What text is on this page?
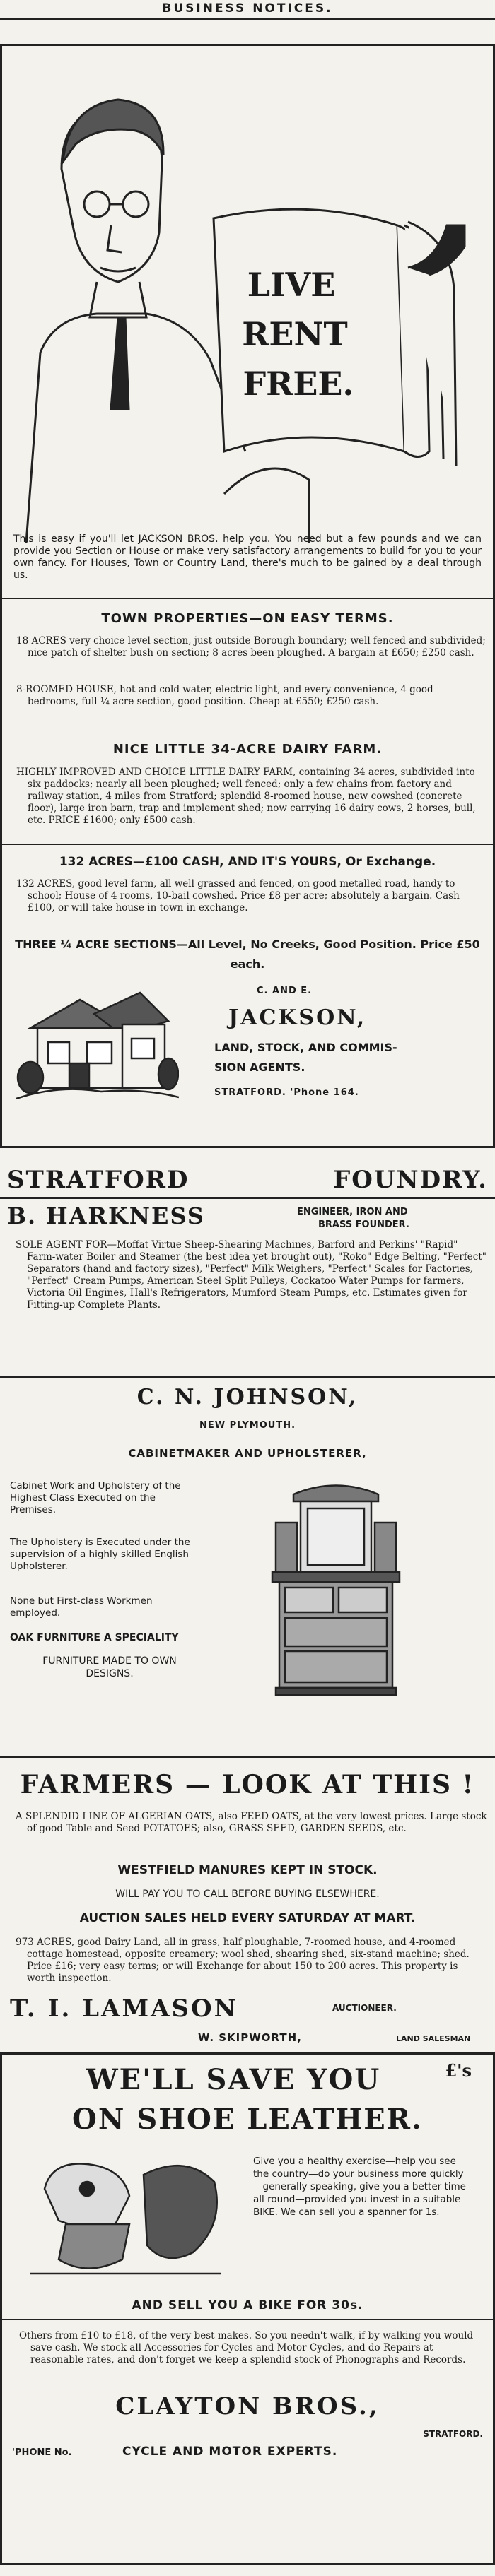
BUSINESS NOTICES.
LIVE
RENT
FREE.
This is easy if you'll let JACKSON BROS. help you. You need but a few pounds and we can provide you Section or House or make very satisfactory arrangements to build for you to your own fancy. For Houses, Town or Country Land, there's much to be gained by a deal through us.
TOWN PROPERTIES—ON EASY TERMS.
18 ACRES very choice level section, just outside Borough boundary; well fenced and subdivided; nice patch of shelter bush on section; 8 acres been ploughed. A bargain at £650; £250 cash.
8-ROOMED HOUSE, hot and cold water, electric light, and every convenience, 4 good bedrooms, full ¼ acre section, good position. Cheap at £550; £250 cash.
NICE LITTLE 34-ACRE DAIRY FARM.
HIGHLY IMPROVED AND CHOICE LITTLE DAIRY FARM, containing 34 acres, subdivided into six paddocks; nearly all been ploughed; well fenced; only a few chains from factory and railway station, 4 miles from Stratford; splendid 8-roomed house, new cowshed (concrete floor), large iron barn, trap and implement shed; now carrying 16 dairy cows, 2 horses, bull, etc. PRICE £1600; only £500 cash.
132 ACRES—£100 CASH, AND IT'S YOURS, Or Exchange.
132 ACRES, good level farm, all well grassed and fenced, on good metalled road, handy to school; House of 4 rooms, 10-bail cowshed. Price £8 per acre; absolutely a bargain. Cash £100, or will take house in town in exchange.
THREE ¼ ACRE SECTIONS—All Level, No Creeks, Good Position. Price £50 each.
C. AND E.
JACKSON,
LAND, STOCK, AND COMMIS-
SION AGENTS.
STRATFORD. 'Phone 164.
STRATFORD	FOUNDRY.
B. HARKNESS	ENGINEER, IRON AND
BRASS FOUNDER.
SOLE AGENT FOR—Moffat Virtue Sheep-Shearing Machines, Barford and Perkins' "Rapid" Farm-water Boiler and Steamer (the best idea yet brought out), "Roko" Edge Belting, "Perfect" Separators (hand and factory sizes), "Perfect" Milk Weighers, "Perfect" Scales for Factories, "Perfect" Cream Pumps, American Steel Split Pulleys, Cockatoo Water Pumps for farmers, Victoria Oil Engines, Hall's Refrigerators, Mumford Steam Pumps, etc. Estimates given for Fitting-up Complete Plants.
C. N. JOHNSON,
NEW PLYMOUTH.
CABINETMAKER AND UPHOLSTERER,
Cabinet Work and Upholstery of the Highest Class Executed on the Premises.
The Upholstery is Executed under the supervision of a highly skilled English Upholsterer.
None but First-class Workmen employed.
OAK FURNITURE A SPECIALITY
FURNITURE MADE TO OWN DESIGNS.
FARMERS — LOOK AT THIS !
A SPLENDID LINE OF ALGERIAN OATS, also FEED OATS, at the very lowest prices. Large stock of good Table and Seed POTATOES; also, GRASS SEED, GARDEN SEEDS, etc.
WESTFIELD MANURES KEPT IN STOCK.
WILL PAY YOU TO CALL BEFORE BUYING ELSEWHERE.
AUCTION SALES HELD EVERY SATURDAY AT MART.
973 ACRES, good Dairy Land, all in grass, half ploughable, 7-roomed house, and 4-roomed cottage homestead, opposite creamery; wool shed, shearing shed, six-stand machine; shed. Price £16; very easy terms; or will Exchange for about 150 to 200 acres. This property is worth inspection.
T. I. LAMASON	AUCTIONEER.
W. SKIPWORTH,	LAND SALESMAN
WE'LL SAVE YOU	£'s
ON SHOE LEATHER.
Give you a healthy exercise—help you see the country—do your business more quickly—generally speaking, give you a better time all round—provided you invest in a suitable BIKE. We can sell you a spanner for 1s.
AND SELL YOU A BIKE FOR 30s.
Others from £10 to £18, of the very best makes. So you needn't walk, if by walking you would save cash. We stock all Accessories for Cycles and Motor Cycles, and do Repairs at reasonable rates, and don't forget we keep a splendid stock of Phonographs and Records.
CLAYTON BROS.,
STRATFORD.
'PHONE No.	CYCLE AND MOTOR EXPERTS.
